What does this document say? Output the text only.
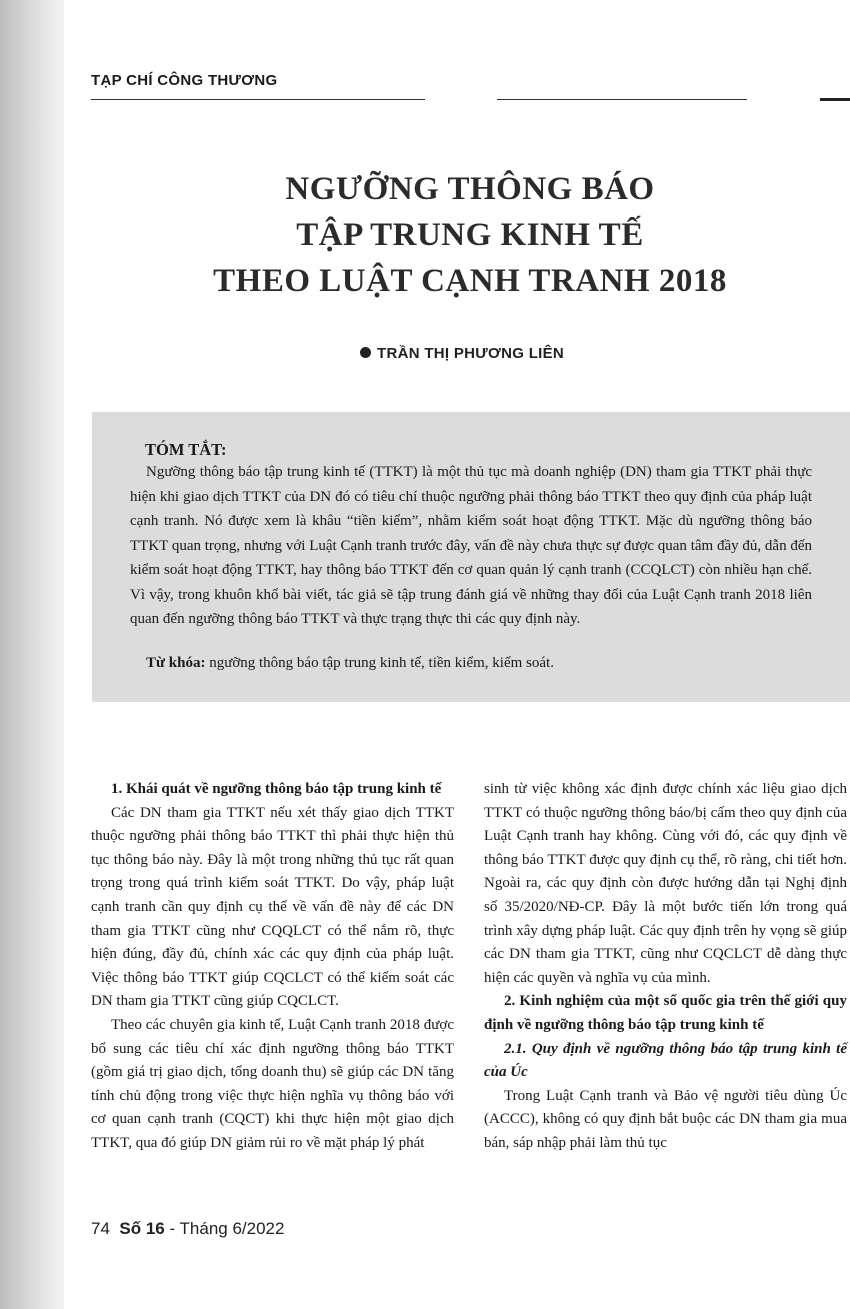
TẠP CHÍ CÔNG THƯƠNG
NGƯỠNG THÔNG BÁO
TẬP TRUNG KINH TẾ
THEO LUẬT CẠNH TRANH 2018
TRẦN THỊ PHƯƠNG LIÊN
TÓM TẮT:

Ngưỡng thông báo tập trung kinh tế (TTKT) là một thủ tục mà doanh nghiệp (DN) tham gia TTKT phải thực hiện khi giao dịch TTKT của DN đó có tiêu chí thuộc ngưỡng phải thông báo TTKT theo quy định của pháp luật cạnh tranh. Nó được xem là khâu “tiền kiểm”, nhằm kiểm soát hoạt động TTKT. Mặc dù ngưỡng thông báo TTKT quan trọng, nhưng với Luật Cạnh tranh trước đây, vấn đề này chưa thực sự được quan tâm đầy đủ, dẫn đến kiểm soát hoạt động TTKT, hay thông báo TTKT đến cơ quan quản lý cạnh tranh (CCQLCT) còn nhiều hạn chế. Vì vậy, trong khuôn khổ bài viết, tác giả sẽ tập trung đánh giá về những thay đổi của Luật Cạnh tranh 2018 liên quan đến ngưỡng thông báo TTKT và thực trạng thực thi các quy định này.

Từ khóa: ngưỡng thông báo tập trung kinh tế, tiền kiểm, kiểm soát.

1. Khái quát về ngưỡng thông báo tập trung kinh tế

Các DN tham gia TTKT nếu xét thấy giao dịch TTKT thuộc ngưỡng phải thông báo TTKT thì phải thực hiện thủ tục thông báo này. Đây là một trong những thủ tục rất quan trọng trong quá trình kiểm soát TTKT. Do vậy, pháp luật cạnh tranh cần quy định cụ thể về vấn đề này để các DN tham gia TTKT cũng như CQQLCT có thể nắm rõ, thực hiện đúng, đầy đủ, chính xác các quy định của pháp luật. Việc thông báo TTKT giúp CQCLCT có thể kiểm soát các DN tham gia TTKT cũng giúp CQCLCT.

Theo các chuyên gia kinh tế, Luật Cạnh tranh 2018 được bổ sung các tiêu chí xác định ngưỡng thông báo TTKT (gồm giá trị giao dịch, tổng doanh thu) sẽ giúp các DN tăng tính chủ động trong việc thực hiện nghĩa vụ thông báo với cơ quan cạnh tranh (CQCT) khi thực hiện một giao dịch TTKT, qua đó giúp DN giảm rủi ro về mặt pháp lý phát

sinh từ việc không xác định được chính xác liệu giao dịch TTKT có thuộc ngưỡng thông báo/bị cấm theo quy định của Luật Cạnh tranh hay không. Cùng với đó, các quy định về thông báo TTKT được quy định cụ thể, rõ ràng, chi tiết hơn. Ngoài ra, các quy định còn được hướng dẫn tại Nghị định số 35/2020/NĐ-CP. Đây là một bước tiến lớn trong quá trình xây dựng pháp luật. Các quy định trên hy vọng sẽ giúp các DN tham gia TTKT, cũng như CQCLCT dễ dàng thực hiện các quyền và nghĩa vụ của mình.

2. Kinh nghiệm của một số quốc gia trên thế giới quy định về ngưỡng thông báo tập trung kinh tế

2.1. Quy định về ngưỡng thông báo tập trung kinh tế của Úc

Trong Luật Cạnh tranh và Bảo vệ người tiêu dùng Úc (ACCC), không có quy định bắt buộc các DN tham gia mua bán, sáp nhập phải làm thủ tục

74 Số 16 - Tháng 6/2022
